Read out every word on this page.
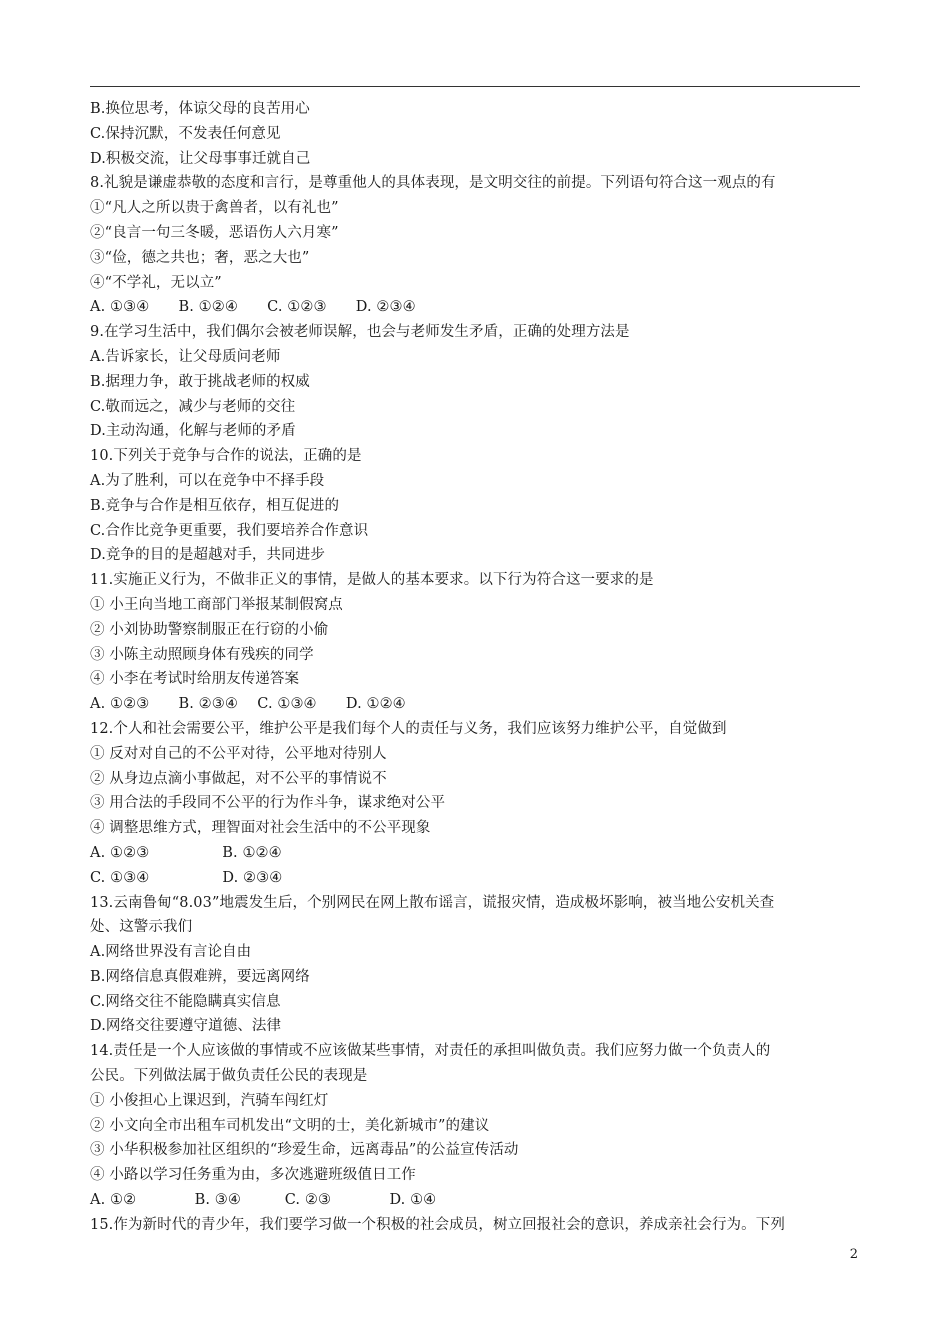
B.换位思考，体谅父母的良苦用心
C.保持沉默，不发表任何意见
D.积极交流，让父母事事迁就自己
8.礼貌是谦虚恭敬的态度和言行，是尊重他人的具体表现，是文明交往的前提。下列语句符合这一观点的有
①“凡人之所以贵于禽兽者，以有礼也”
②“良言一句三冬暖，恶语伤人六月寒”
③“俭，德之共也；奢，恶之大也”
④“不学礼，无以立”
A. ①③④　　B. ①②④　　C. ①②③　　D. ②③④
9.在学习生活中，我们偶尔会被老师误解，也会与老师发生矛盾，正确的处理方法是
A.告诉家长，让父母质问老师
B.据理力争，敢于挑战老师的权威
C.敬而远之，减少与老师的交往
D.主动沟通，化解与老师的矛盾
10.下列关于竞争与合作的说法，正确的是
A.为了胜利，可以在竞争中不择手段
B.竞争与合作是相互依存，相互促进的
C.合作比竞争更重要，我们要培养合作意识
D.竞争的目的是超越对手，共同进步
11.实施正义行为，不做非正义的事情，是做人的基本要求。以下行为符合这一要求的是
① 小王向当地工商部门举报某制假窝点
② 小刘协助警察制服正在行窃的小偷
③ 小陈主动照顾身体有残疾的同学
④ 小李在考试时给朋友传递答案
A. ①②③　　B. ②③④　 C. ①③④　　D. ①②④
12.个人和社会需要公平，维护公平是我们每个人的责任与义务，我们应该努力维护公平，自觉做到
① 反对对自己的不公平对待，公平地对待别人
② 从身边点滴小事做起，对不公平的事情说不
③ 用合法的手段同不公平的行为作斗争，谋求绝对公平
④ 调整思维方式，理智面对社会生活中的不公平现象
A. ①②③　　　　　B. ①②④
C. ①③④　　　　　D. ②③④
13.云南鲁甸“8.03”地震发生后，个别网民在网上散布谣言，谎报灾情，造成极坏影响，被当地公安机关查
处、这警示我们
A.网络世界没有言论自由
B.网络信息真假难辨，要远离网络
C.网络交往不能隐瞒真实信息
D.网络交往要遵守道德、法律
14.责任是一个人应该做的事情或不应该做某些事情，对责任的承担叫做负责。我们应努力做一个负责人的
公民。下列做法属于做负责任公民的表现是
① 小俊担心上课迟到，汽骑车闯红灯
② 小文向全市出租车司机发出“文明的士，美化新城市”的建议
③ 小华积极参加社区组织的“珍爱生命，远离毒品”的公益宣传活动
④ 小路以学习任务重为由，多次逃避班级值日工作
A. ①②　　　　B. ③④　　　C. ②③　　　　D. ①④
15.作为新时代的青少年，我们要学习做一个积极的社会成员，树立回报社会的意识，养成亲社会行为。下列
2
